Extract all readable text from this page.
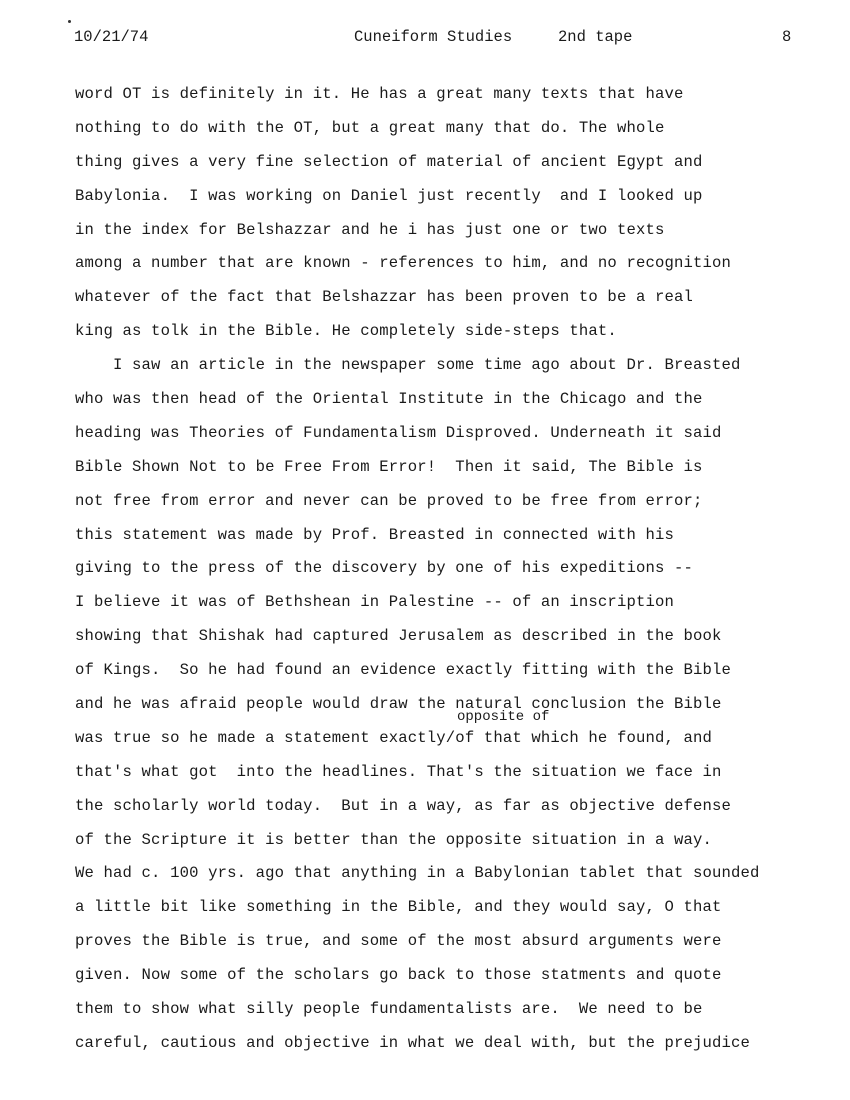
10/21/74	Cuneiform Studies	2nd tape	8
word OT is definitely in it. He has a great many texts that have
nothing to do with the OT, but a great many that do. The whole
thing gives a very fine selection of material of ancient Egypt and
Babylonia.  I was working on Daniel just recently  and I looked up
in the index for Belshazzar and he i has just one or two texts
among a number that are known - references to him, and no recognition
whatever of the fact that Belshazzar has been proven to be a real
king as tolk in the Bible. He completely side-steps that.
I saw an article in the newspaper some time ago about Dr. Breasted
who was then head of the Oriental Institute in the Chicago and the
heading was Theories of Fundamentalism Disproved. Underneath it said
Bible Shown Not to be Free From Error!  Then it said, The Bible is
not free from error and never can be proved to be free from error;
this statement was made by Prof. Breasted in connected with his
giving to the press of the discovery by one of his expeditions --
I believe it was of Bethshean in Palestine -- of an inscription
showing that Shishak had captured Jerusalem as described in the book
of Kings.  So he had found an evidence exactly fitting with the Bible
and he was afraid people would draw the natural conclusion the Bible
was true so he made a statement exactly/of that which he found, and
that's what got  into the headlines. That's the situation we face in
the scholarly world today.  But in a way, as far as objective defense
of the Scripture it is better than the opposite situation in a way.
We had c. 100 yrs. ago that anything in a Babylonian tablet that sounded
a little bit like something in the Bible, and they would say, O that
proves the Bible is true, and some of the most absurd arguments were
given. Now some of the scholars go back to those statments and quote
them to show what silly people fundamentalists are.  We need to be
careful, cautious and objective in what we deal with, but the prejudice
opposite of
